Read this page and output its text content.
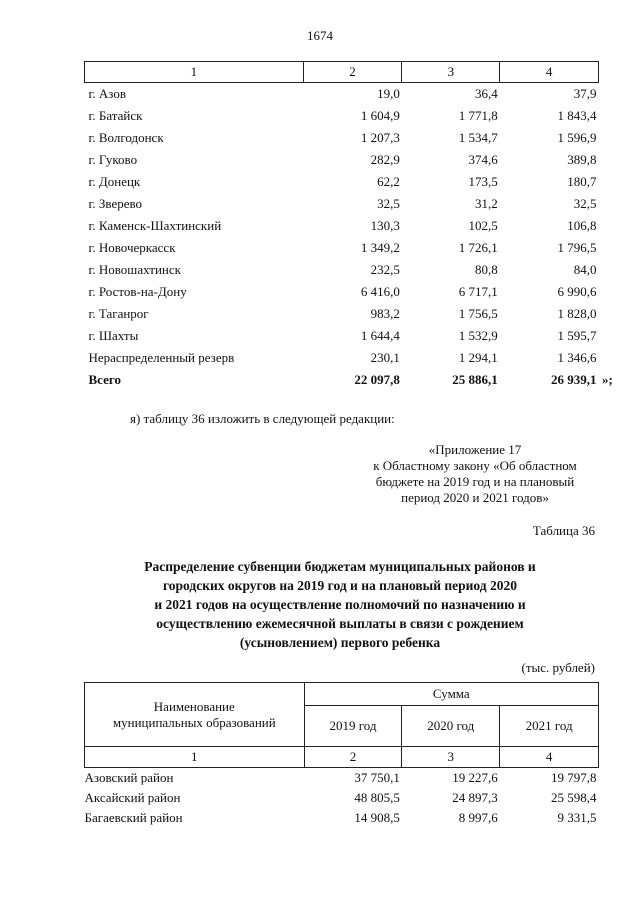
1674
1	2	3	4
г. Азов	19,0	36,4	37,9
г. Батайск	1 604,9	1 771,8	1 843,4
г. Волгодонск	1 207,3	1 534,7	1 596,9
г. Гуково	282,9	374,6	389,8
г. Донецк	62,2	173,5	180,7
г. Зверево	32,5	31,2	32,5
г. Каменск-Шахтинский	130,3	102,5	106,8
г. Новочеркасск	1 349,2	1 726,1	1 796,5
г. Новошахтинск	232,5	80,8	84,0
г. Ростов-на-Дону	6 416,0	6 717,1	6 990,6
г. Таганрог	983,2	1 756,5	1 828,0
г. Шахты	1 644,4	1 532,9	1 595,7
Нераспределенный резерв	230,1	1 294,1	1 346,6
Всего	22 097,8	25 886,1	26 939,1 »;
я) таблицу 36 изложить в следующей редакции:
«Приложение 17
к Областному закону «Об областном
бюджете на 2019 год и на плановый
период 2020 и 2021 годов»
Таблица 36
Распределение субвенции бюджетам муниципальных районов и
городских округов на 2019 год и на плановый период 2020
и 2021 годов на осуществление полномочий по назначению и
осуществлению ежемесячной выплаты в связи с рождением
(усыновлением) первого ребенка
(тыс. рублей)
Наименование
муниципальных образований	Сумма		
	2019 год	2020 год	2021 год
1	2	3	4
Азовский район	37 750,1	19 227,6	19 797,8
Аксайский район	48 805,5	24 897,3	25 598,4
Багаевский район	14 908,5	8 997,6	9 331,5
